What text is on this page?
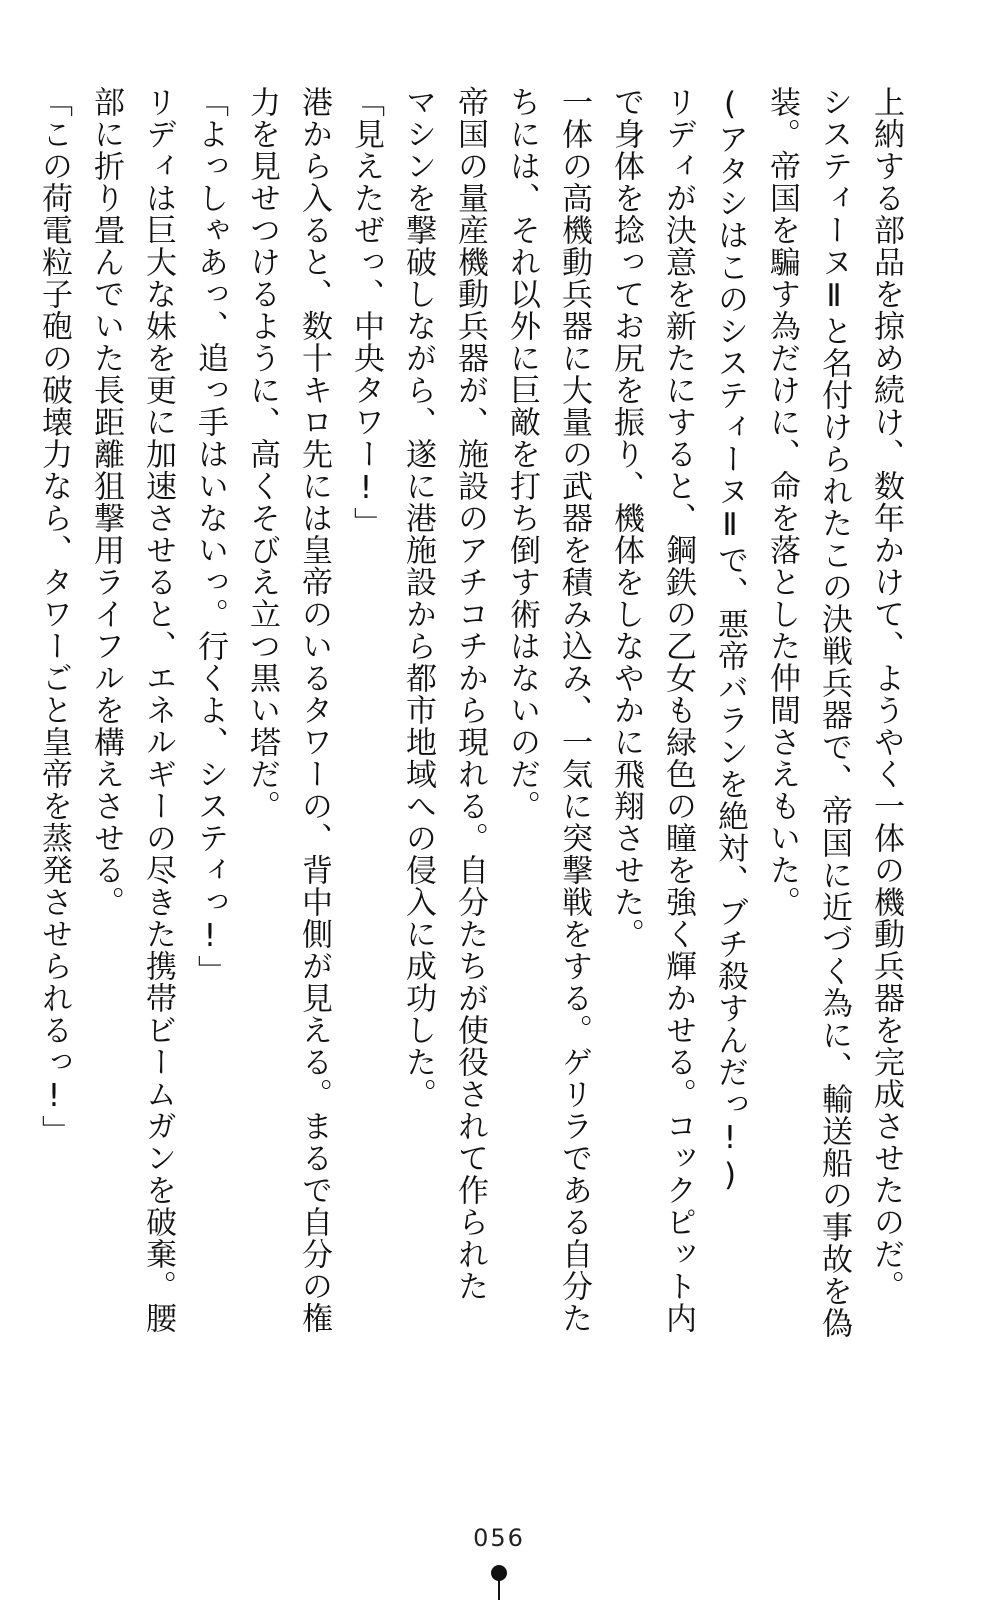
上納する部品を掠め続け、数年かけて、ようやく一体の機動兵器を完成させたのだ。
システィーヌⅡと名付けられたこの決戦兵器で、帝国に近づく為に、輸送船の事故を偽
装。帝国を騙す為だけに、命を落とした仲間さえもいた。
(アタシはこのシスティーヌⅡで、悪帝バランを絶対、ブチ殺すんだっ!)
リディが決意を新たにすると、鋼鉄の乙女も緑色の瞳を強く輝かせる。コックピット内
で身体を捻ってお尻を振り、機体をしなやかに飛翔させた。
一体の高機動兵器に大量の武器を積み込み、一気に突撃戦をする。ゲリラである自分た
ちには、それ以外に巨敵を打ち倒す術はないのだ。
帝国の量産機動兵器が、施設のアチコチから現れる。自分たちが使役されて作られた
マシンを撃破しながら、遂に港施設から都市地域への侵入に成功した。
「見えたぜっ、中央タワー!」
港から入ると、数十キロ先には皇帝のいるタワーの、背中側が見える。まるで自分の権
力を見せつけるように、高くそびえ立つ黒い塔だ。
「よっしゃあっ、追っ手はいないっ。行くよ、システィっ!」
リディは巨大な妹を更に加速させると、エネルギーの尽きた携帯ビームガンを破棄。腰
部に折り畳んでいた長距離狙撃用ライフルを構えさせる。
「この荷電粒子砲の破壊力なら、タワーごと皇帝を蒸発させられるっ!」
056
